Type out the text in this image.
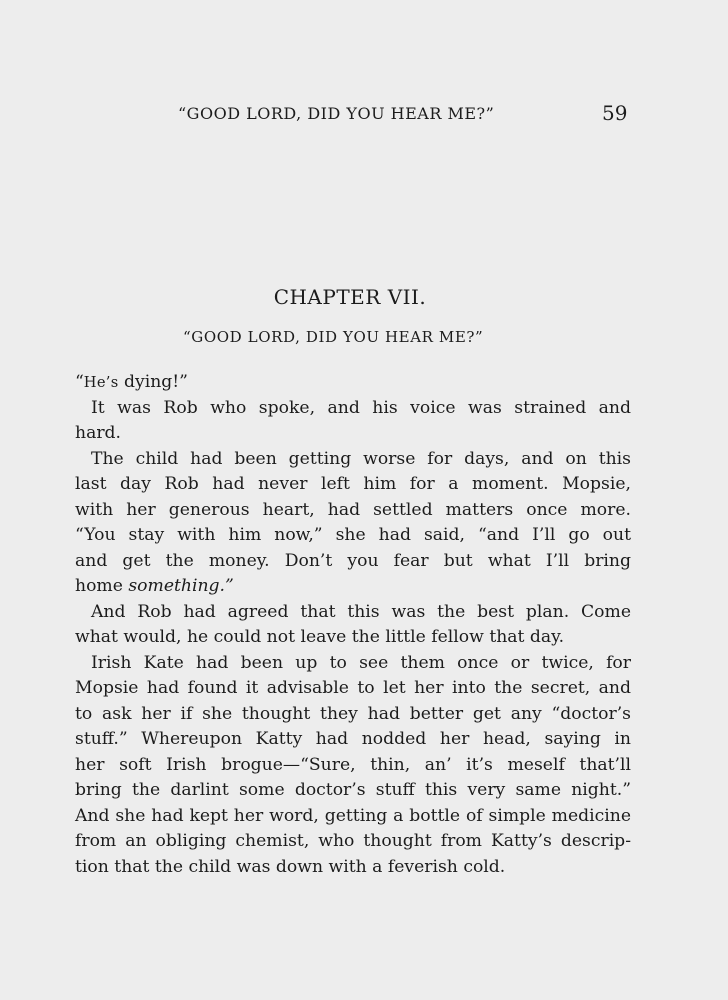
“GOOD LORD, DID YOU HEAR ME?”	59
CHAPTER VII.
“GOOD LORD, DID YOU HEAR ME?”
“He’s dying!”
It was Rob who spoke, and his voice was strained and
hard.
The child had been getting worse for days, and on this
last day Rob had never left him for a moment. Mopsie,
with her generous heart, had settled matters once more.
“You stay with him now,” she had said, “and I’ll go out
and get the money. Don’t you fear but what I’ll bring
home something.”
And Rob had agreed that this was the best plan. Come
what would, he could not leave the little fellow that day.
Irish Kate had been up to see them once or twice, for
Mopsie had found it advisable to let her into the secret, and
to ask her if she thought they had better get any “doctor’s
stuff.” Whereupon Katty had nodded her head, saying in
her soft Irish brogue—“Sure, thin, an’ it’s meself that’ll
bring the darlint some doctor’s stuff this very same night.”
And she had kept her word, getting a bottle of simple medicine
from an obliging chemist, who thought from Katty’s descrip-
tion that the child was down with a feverish cold.
